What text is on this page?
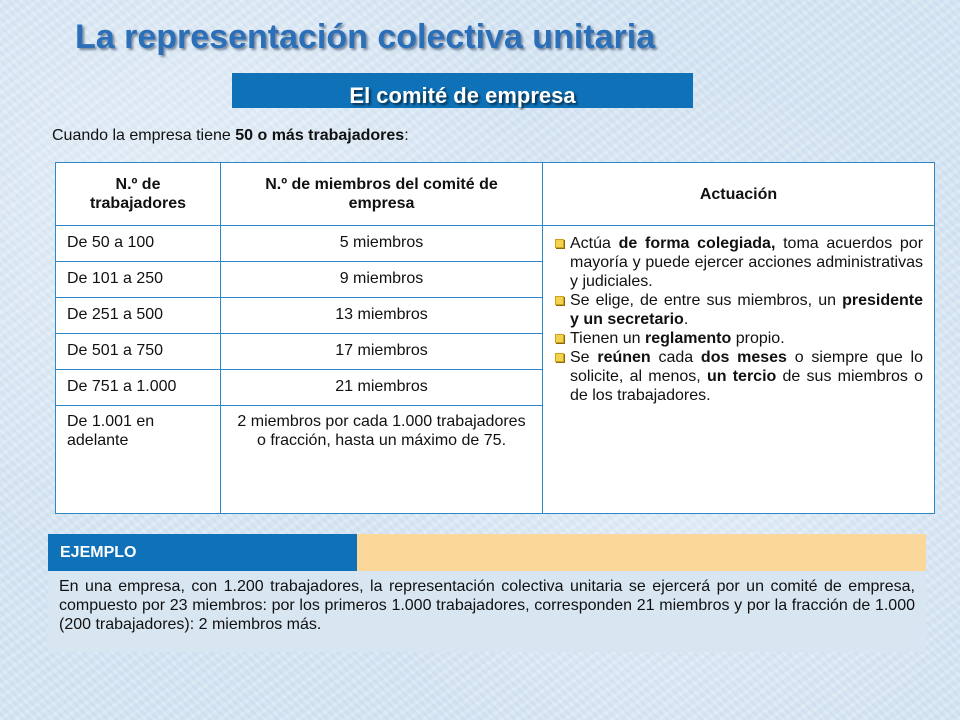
La representación colectiva unitaria
El comité de empresa
Cuando la empresa tiene 50 o más trabajadores:
N.º de trabajadores	N.º de miembros del comité de empresa	Actuación
De 50 a 100	5 miembros	Actúa de forma colegiada, toma acuerdos por mayoría y puede ejercer acciones administrativas y judiciales.
Se elige, de entre sus miembros, un presidente y un secretario.
Tienen un reglamento propio.
Se reúnen cada dos meses o siempre que lo solicite, al menos, un tercio de sus miembros o de los trabajadores.

De 101 a 250	9 miembros	
De 251 a 500	13 miembros	
De 501 a 750	17 miembros	
De 751 a 1.000	21 miembros	
De 1.001 en adelante	2 miembros por cada 1.000 trabajadores o fracción, hasta un máximo de 75.	
EJEMPLO
En una empresa, con 1.200 trabajadores, la representación colectiva unitaria se ejercerá por un comité de empresa, compuesto por 23 miembros: por los primeros 1.000 trabajadores, corresponden 21 miembros y por la fracción de 1.000 (200 trabajadores): 2 miembros más.
